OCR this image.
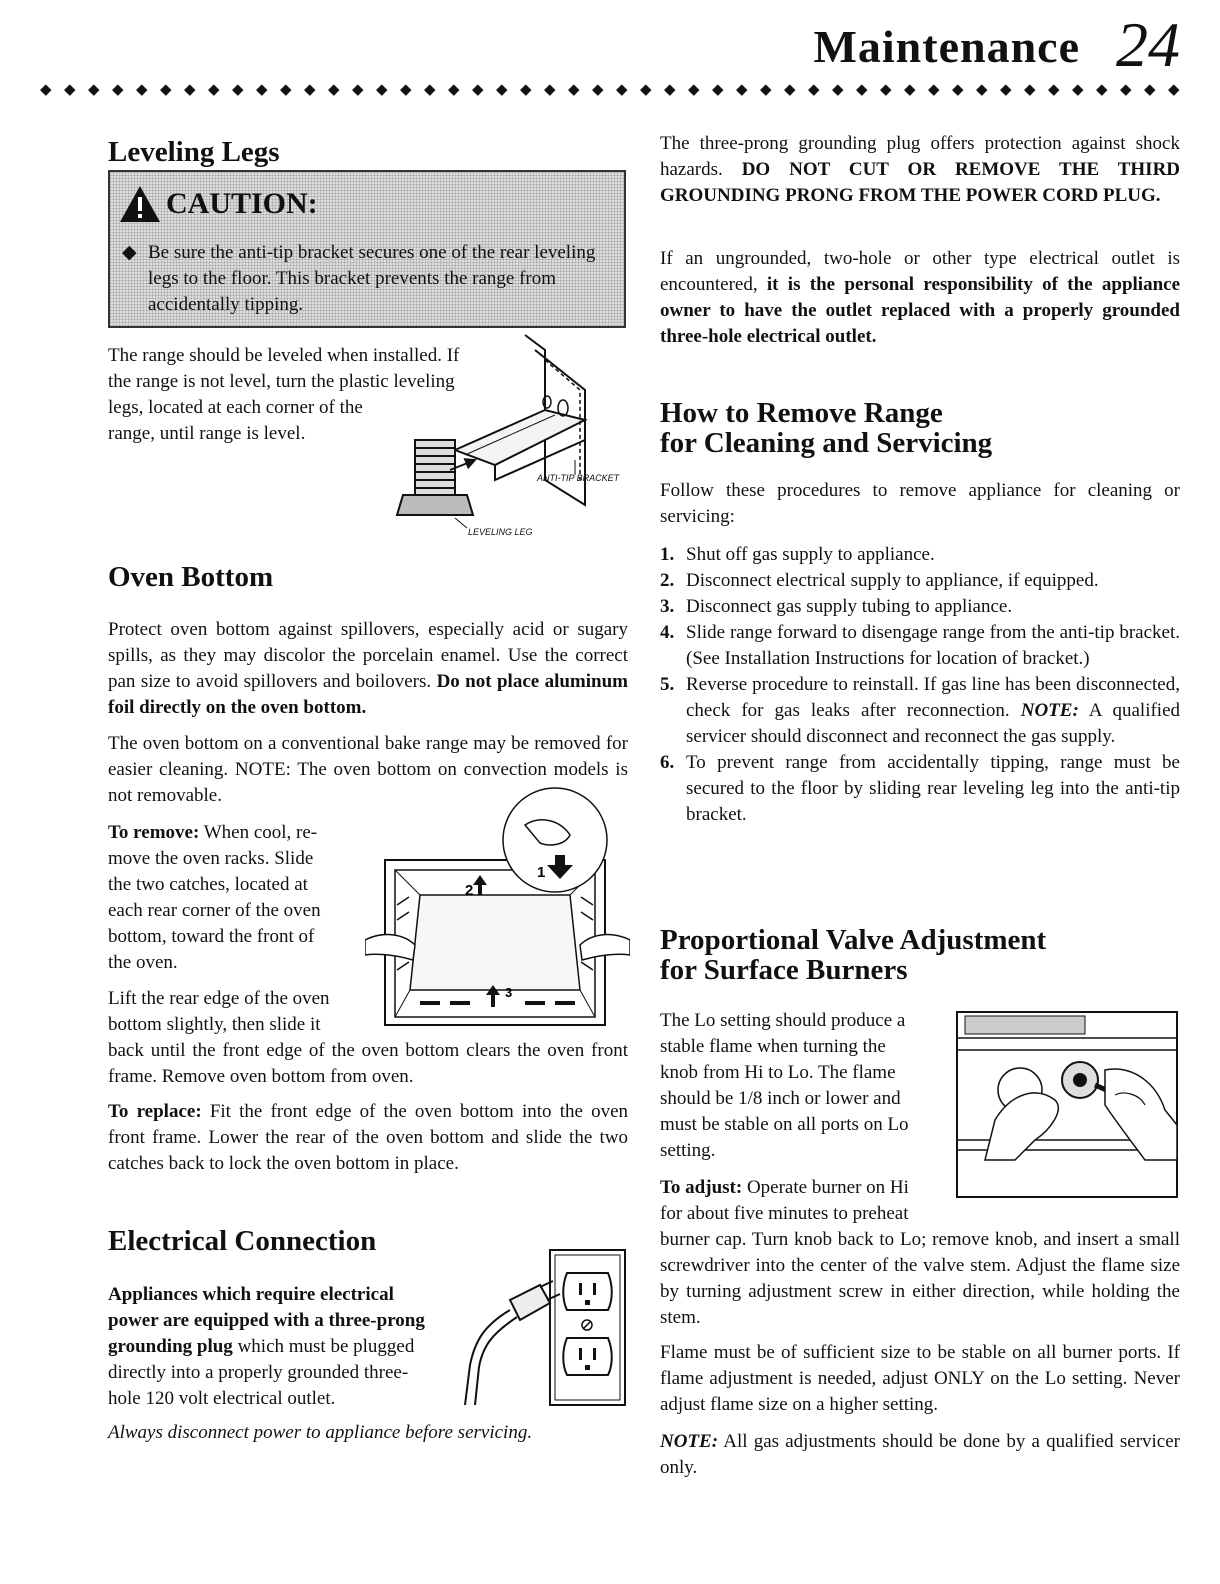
Maintenance 24
◆ ◆ ◆ ◆ ◆ ◆ ◆ ◆ ◆ ◆ ◆ ◆ ◆ ◆ ◆ ◆ ◆ ◆ ◆ ◆ ◆ ◆ ◆ ◆ ◆ ◆ ◆ ◆ ◆ ◆ ◆ ◆ ◆ ◆ ◆ ◆ ◆ ◆ ◆ ◆ ◆ ◆ ◆ ◆ ◆ ◆ ◆ ◆
Leveling Legs
CAUTION:
◆ Be sure the anti-tip bracket secures one of the rear leveling legs to the floor. This bracket prevents the range from accidentally tipping.

The range should be leveled when installed. If

the range is not level, turn the plastic leveling

legs, located at each corner of the

range, until range is level.

ANTI-TIP BRACKET
LEVELING LEG
Oven Bottom

Protect oven bottom against spillovers, especially acid or sugary spills, as they may discolor the porcelain enamel. Use the correct pan size to avoid spillovers and boilovers. Do not place aluminum foil directly on the oven bottom.

The oven bottom on a conventional bake range may be removed for easier cleaning. NOTE: The oven bottom on convection models is not removable.

To remove: When cool, re-

move the oven racks. Slide

the two catches, located at

each rear corner of the oven

bottom, toward the front of

the oven.

Lift the rear edge of the oven

bottom slightly, then slide it

back until the front edge of the oven bottom clears the oven front frame. Remove oven bottom from oven.

To replace: Fit the front edge of the oven bottom into the oven front frame. Lower the rear of the oven bottom and slide the two catches back to lock the oven bottom in place.

1
2
3
Electrical Connection

Appliances which require electrical

power are equipped with a three-prong

grounding plug which must be plugged

directly into a properly grounded three-

hole 120 volt electrical outlet.

Always disconnect power to appliance before servicing.

The three-prong grounding plug offers protection against shock hazards. DO NOT CUT OR REMOVE THE THIRD GROUNDING PRONG FROM THE POWER CORD PLUG.

If an ungrounded, two-hole or other type electrical outlet is encountered, it is the personal responsibility of the appliance owner to have the outlet replaced with a properly grounded three-hole electrical outlet.

How to Remove Range
for Cleaning and Servicing

Follow these procedures to remove appliance for cleaning or servicing:

1. Shut off gas supply to appliance.
2. Disconnect electrical supply to appliance, if equipped.
3. Disconnect gas supply tubing to appliance.
4. Slide range forward to disengage range from the anti-tip bracket. (See Installation Instructions for location of bracket.)
5. Reverse procedure to reinstall. If gas line has been disconnected, check for gas leaks after reconnection. NOTE: A qualified servicer should disconnect and reconnect the gas supply.
6. To prevent range from accidentally tipping, range must be secured to the floor by sliding rear leveling leg into the anti-tip bracket.
Proportional Valve Adjustment
for Surface Burners

The Lo setting should produce a

stable flame when turning the

knob from Hi to Lo. The flame

should be 1/8 inch or lower and

must be stable on all ports on Lo

setting.

To adjust: Operate burner on Hi

for about five minutes to preheat

burner cap. Turn knob back to Lo; remove knob, and insert a small screwdriver into the center of the valve stem. Adjust the flame size by turning adjustment screw in either direction, while holding the stem.

Flame must be of sufficient size to be stable on all burner ports. If flame adjustment is needed, adjust ONLY on the Lo setting. Never adjust flame size on a higher setting.

NOTE: All gas adjustments should be done by a qualified servicer only.
